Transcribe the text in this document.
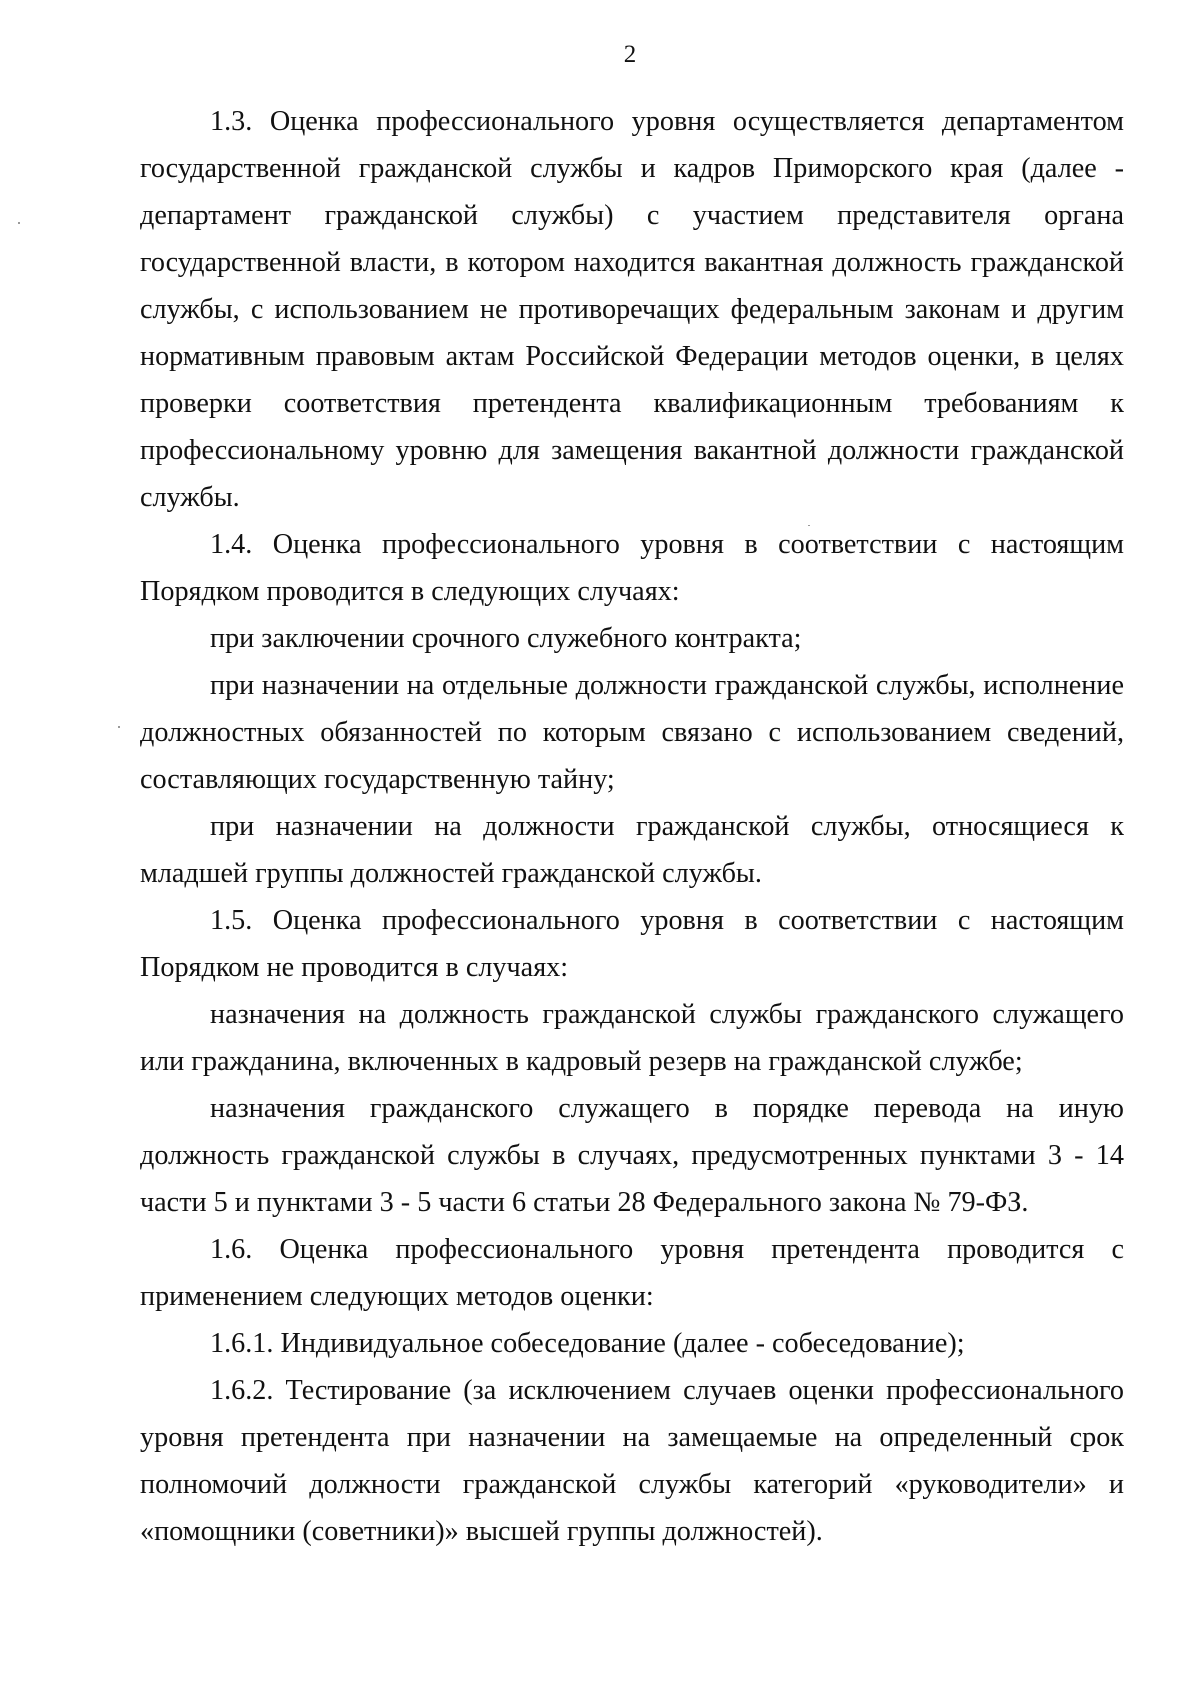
2

1.3. Оценка профессионального уровня осуществляется департаментом государственной гражданской службы и кадров Приморского края (далее - департамент гражданской службы) с участием представителя органа государственной власти, в котором находится вакантная должность гражданской службы, с использованием не противоречащих федеральным законам и другим нормативным правовым актам Российской Федерации методов оценки, в целях проверки соответствия претендента квалификационным требованиям к профессиональному уровню для замещения вакантной должности гражданской службы.

1.4. Оценка профессионального уровня в соответствии с настоящим Порядком проводится в следующих случаях:

при заключении срочного служебного контракта;

при назначении на отдельные должности гражданской службы, исполнение должностных обязанностей по которым связано с использованием сведений, составляющих государственную тайну;

при назначении на должности гражданской службы, относящиеся к младшей группы должностей гражданской службы.

1.5. Оценка профессионального уровня в соответствии с настоящим Порядком не проводится в случаях:

назначения на должность гражданской службы гражданского служащего или гражданина, включенных в кадровый резерв на гражданской службе;

назначения гражданского служащего в порядке перевода на иную должность гражданской службы в случаях, предусмотренных пунктами 3 - 14 части 5 и пунктами 3 - 5 части 6 статьи 28 Федерального закона № 79-ФЗ.

1.6. Оценка профессионального уровня претендента проводится с применением следующих методов оценки:

1.6.1. Индивидуальное собеседование (далее - собеседование);

1.6.2. Тестирование (за исключением случаев оценки профессионального уровня претендента при назначении на замещаемые на определенный срок полномочий должности гражданской службы категорий «руководители» и «помощники (советники)» высшей группы должностей).
